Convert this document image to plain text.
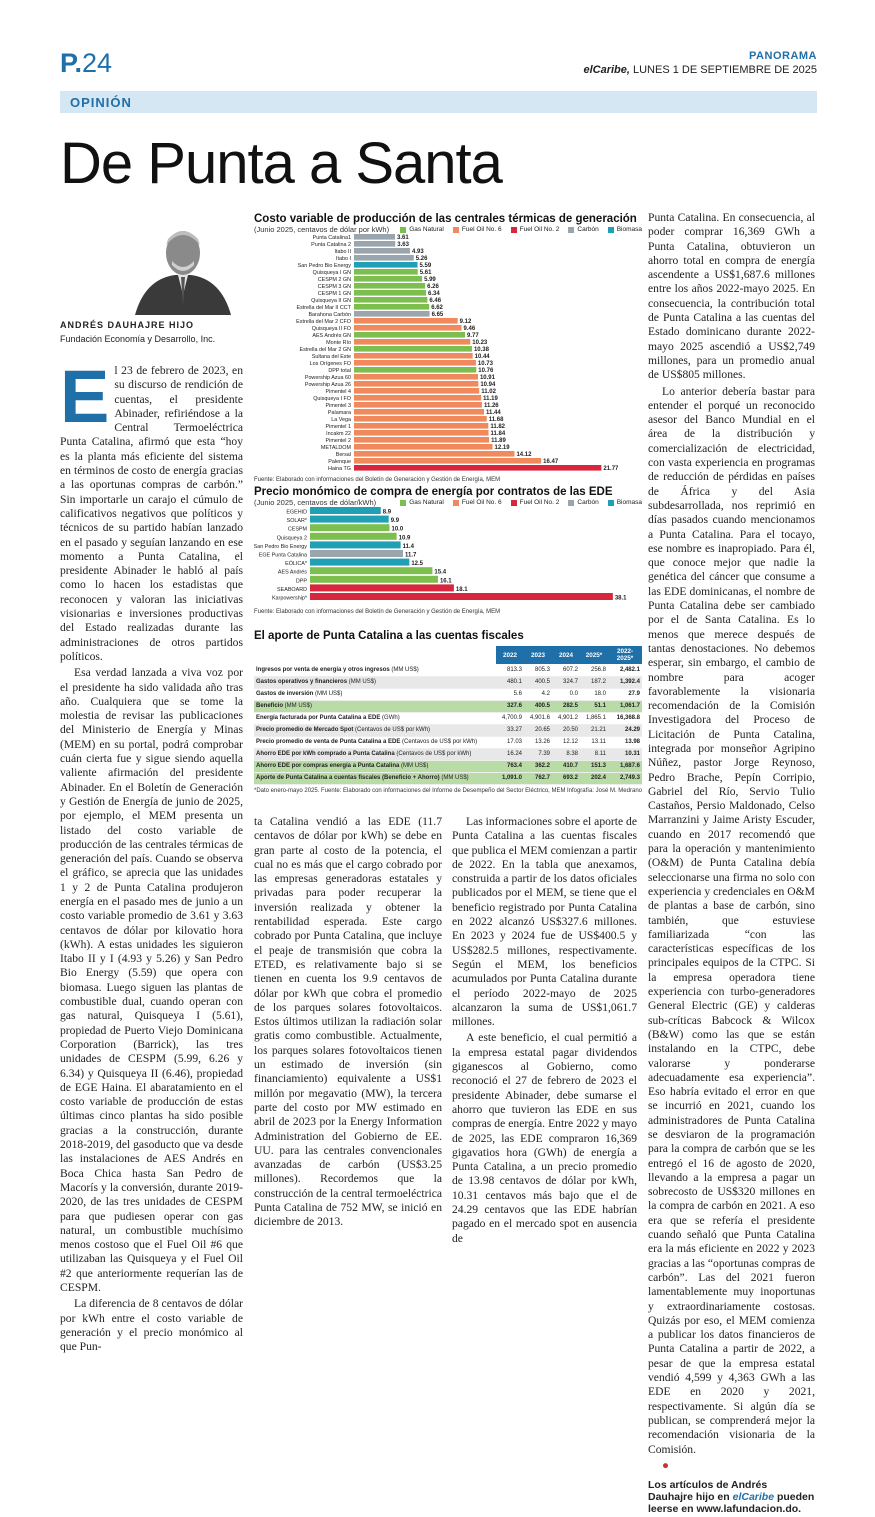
P.24	PANORAMA
elCaribe, LUNES 1 DE SEPTIEMBRE DE 2025
OPINIÓN
De Punta a Santa
ANDRÉS DAUHAJRE HIJO
Fundación Economía y Desarrollo, Inc.

El 23 de febrero de 2023, en su discurso de rendición de cuentas, el presidente Abinader, refiriéndose a la Central Termoeléctrica Punta Catalina, afirmó que esta “hoy es la planta más eficiente del sistema en términos de costo de energía gracias a las oportunas compras de carbón.” Sin importarle un carajo el cúmulo de calificativos negativos que políticos y técnicos de su partido habían lanzado en el pasado y seguían lanzando en ese momento a Punta Catalina, el presidente Abinader le habló al país como lo hacen los estadistas que reconocen y valoran las iniciativas visionarias e inversiones productivas del Estado realizadas durante las administraciones de otros partidos políticos.

Esa verdad lanzada a viva voz por el presidente ha sido validada año tras año. Cualquiera que se tome la molestia de revisar las publicaciones del Ministerio de Energía y Minas (MEM) en su portal, podrá comprobar cuán cierta fue y sigue siendo aquella valiente afirmación del presidente Abinader. En el Boletín de Generación y Gestión de Energía de junio de 2025, por ejemplo, el MEM presenta un listado del costo variable de producción de las centrales térmicas de generación del país. Cuando se observa el gráfico, se aprecia que las unidades 1 y 2 de Punta Catalina produjeron energía en el pasado mes de junio a un costo variable promedio de 3.61 y 3.63 centavos de dólar por kilovatio hora (kWh). A estas unidades les siguieron Itabo II y I (4.93 y 5.26) y San Pedro Bio Energy (5.59) que opera con biomasa. Luego siguen las plantas de combustible dual, cuando operan con gas natural, Quisqueya I (5.61), propiedad de Puerto Viejo Dominicana Corporation (Barrick), las tres unidades de CESPM (5.99, 6.26 y 6.34) y Quisqueya II (6.46), propiedad de EGE Haina. El abaratamiento en el costo variable de producción de estas últimas cinco plantas ha sido posible gracias a la construcción, durante 2018-2019, del gasoducto que va desde las instalaciones de AES Andrés en Boca Chica hasta San Pedro de Macorís y la conversión, durante 2019-2020, de las tres unidades de CESPM para que pudiesen operar con gas natural, un combustible muchísimo menos costoso que el Fuel Oil #6 que utilizaban las Quisqueya y el Fuel Oil #2 que anteriormente requerían las de CESPM.

La diferencia de 8 centavos de dólar por kWh entre el costo variable de generación y el precio monómico al que Pun-

ta Catalina vendió a las EDE (11.7 centavos de dólar por kWh) se debe en gran parte al costo de la potencia, el cual no es más que el cargo cobrado por las empresas generadoras estatales y privadas para poder recuperar la inversión realizada y obtener la rentabilidad esperada. Este cargo cobrado por Punta Catalina, que incluye el peaje de transmisión que cobra la ETED, es relativamente bajo si se tienen en cuenta los 9.9 centavos de dólar por kWh que cobra el promedio de los parques solares fotovoltaicos. Estos últimos utilizan la radiación solar gratis como combustible. Actualmente, los parques solares fotovoltaicos tienen un estimado de inversión (sin financiamiento) equivalente a US$1 millón por megavatio (MW), la tercera parte del costo por MW estimado en abril de 2023 por la Energy Information Administration del Gobierno de EE. UU. para las centrales convencionales avanzadas de carbón (US$3.25 millones). Recordemos que la construcción de la central termoeléctrica Punta Catalina de 752 MW, se inició en diciembre de 2013.

Las informaciones sobre el aporte de Punta Catalina a las cuentas fiscales que publica el MEM comienzan a partir de 2022. En la tabla que anexamos, construida a partir de los datos oficiales publicados por el MEM, se tiene que el beneficio registrado por Punta Catalina en 2022 alcanzó US$327.6 millones. En 2023 y 2024 fue de US$400.5 y US$282.5 millones, respectivamente. Según el MEM, los beneficios acumulados por Punta Catalina durante el período 2022-mayo de 2025 alcanzaron la suma de US$1,061.7 millones.

A este beneficio, el cual permitió a la empresa estatal pagar dividendos giganescos al Gobierno, como reconoció el 27 de febrero de 2023 el presidente Abinader, debe sumarse el ahorro que tuvieron las EDE en sus compras de energía. Entre 2022 y mayo de 2025, las EDE compraron 16,369 gigavatios hora (GWh) de energía a Punta Catalina, a un precio promedio de 13.98 centavos de dólar por kWh, 10.31 centavos más bajo que el de 24.29 centavos que las EDE habrían pagado en el mercado spot en ausencia de

Punta Catalina. En consecuencia, al poder comprar 16,369 GWh a Punta Catalina, obtuvieron un ahorro total en compra de energía ascendente a US$1,687.6 millones entre los años 2022-mayo 2025. En consecuencia, la contribución total de Punta Catalina a las cuentas del Estado dominicano durante 2022-mayo 2025 ascendió a US$2,749 millones, para un promedio anual de US$805 millones.

Lo anterior debería bastar para entender el porqué un reconocido asesor del Banco Mundial en el área de la distribución y comercialización de electricidad, con vasta experiencia en programas de reducción de pérdidas en países de África y del Asia subdesarrollada, nos reprimió en días pasados cuando mencionamos a Punta Catalina. Para el tocayo, ese nombre es inapropiado. Para él, que conoce mejor que nadie la genética del cáncer que consume a las EDE dominicanas, el nombre de Punta Catalina debe ser cambiado por el de Santa Catalina. Es lo menos que merece después de tantas denostaciones. No debemos esperar, sin embargo, el cambio de nombre para acoger favorablemente la visionaria recomendación de la Comisión Investigadora del Proceso de Licitación de Punta Catalina, integrada por monseñor Agripino Núñez, pastor Jorge Reynoso, Pedro Brache, Pepín Corripio, Gabriel del Río, Servio Tulio Castaños, Persio Maldonado, Celso Marranzini y Jaime Aristy Escuder, cuando en 2017 recomendó que para la operación y mantenimiento (O&M) de Punta Catalina debía seleccionarse una firma no solo con experiencia y credenciales en O&M de plantas a base de carbón, sino también, que estuviese familiarizada “con las características específicas de los principales equipos de la CTPC. Si la empresa operadora tiene experiencia con turbo-generadores General Electric (GE) y calderas sub-críticas Babcock & Wilcox (B&W) como las que se están instalando en la CTPC, debe valorarse y ponderarse adecuadamente esa experiencia”. Eso habría evitado el error en que se incurrió en 2021, cuando los administradores de Punta Catalina se desviaron de la programación para la compra de carbón que se les entregó el 16 de agosto de 2020, llevando a la empresa a pagar un sobrecosto de US$320 millones en la compra de carbón en 2021. A eso era que se refería el presidente cuando señaló que Punta Catalina era la más eficiente en 2022 y 2023 gracias a las “oportunas compras de carbón”. Las del 2021 fueron lamentablemente muy inoportunas y extraordinariamente costosas. Quizás por eso, el MEM comienza a publicar los datos financieros de Punta Catalina a partir de 2022, a pesar de que la empresa estatal vendió 4,599 y 4,363 GWh a las EDE en 2020 y 2021, respectivamente. Si algún día se publican, se comprenderá mejor la recomendación visionaria de la Comisión.

●

Los artículos de Andrés Dauhajre hijo en elCaribe pueden leerse en www.lafundacion.do.

Costo variable de producción de las centrales térmicas de generación
(Junio 2025, centavos de dólar por kWh)	Gas Natural	Fuel Oil No. 6	Fuel Oil No. 2	Carbón	Biomasa
Punta Catalina1	3.61
Punta Catalina 2	3.63
Itabo II	4.93
Itabo I	5.26
San Pedro Bio Energy	5.59
Quisqueya I GN	5.61
CESPM 2 GN	5.99
CESPM 3 GN	6.26
CESPM 1 GN	6.34
Quisqueya II GN	6.46
Estrella del Mar II CCT	6.62
Barahona Carbón	6.65
Estrella del Mar 2 CFO	9.12
Quisqueya II FO	9.46
AES Andrés GN	9.77
Monte Río	10.23
Estrella del Mar 2 GN	10.38
Sultana del Este	10.44
Los Orígenes FO	10.73
DPP total	10.76
Powership Azua 60	10.91
Powership Azua 26	10.94
Pimentel 4	11.02
Quisqueya I FO	11.19
Pimentel 3	11.26
Palamara	11.44
La Vega	11.68
Pimentel 1	11.82
Incakm 22	11.84
Pimentel 2	11.89
METALDOM	12.19
Bersal	14.12
Palenque	16.47
Haina TG	21.77
Fuente: Elaborado con informaciones del Boletín de Generación y Gestión de Energía, MEM
Precio monómico de compra de energía por contratos de las EDE
(Junio 2025, centavos de dólar/kWh)	Gas Natural	Fuel Oil No. 6	Fuel Oil No. 2	Carbón	Biomasa
EGEHID	8.9
SOLAR*	9.9
CESPM	10.0
Quisqueya 2	10.9
San Pedro Bio Energy	11.4
EGE Punta Catalina	11.7
EÓLICA*	12.5
AES Andrés	15.4
DPP	16.1
SEABOARD	18.1
Karpowership*	38.1
Fuente: Elaborado con informaciones del Boletín de Generación y Gestión de Energía, MEM
El aporte de Punta Catalina a las cuentas fiscales
	2022	2023	2024	2025*	2022-2025*
Ingresos por venta de energía y otros ingresos (MM US$)	813.3	805.3	607.2	256.8	2,482.1
Gastos operativos y financieros (MM US$)	480.1	400.5	324.7	187.2	1,392.4
Gastos de inversión (MM US$)	5.6	4.2	0.0	18.0	27.9
Beneficio (MM US$)	327.6	400.5	282.5	51.1	1,061.7
Energía facturada por Punta Catalina a EDE (GWh)	4,700.9	4,901.6	4,901.2	1,865.1	16,368.8
Precio promedio de Mercado Spot (Centavos de US$ por kWh)	33.27	20.65	20.50	21.21	24.29
Precio promedio de venta de Punta Catalina a EDE (Centavos de US$ por kWh)	17.03	13.26	12.12	13.11	13.98
Ahorro EDE por kWh comprado a Punta Catalina (Centavos de US$ por kWh)	16.24	7.39	8.38	8.11	10.31
Ahorro EDE por compras energía a Punta Catalina (MM US$)	763.4	362.2	410.7	151.3	1,687.6
Aporte de Punta Catalina a cuentas fiscales (Beneficio + Ahorro) (MM US$)	1,091.0	762.7	693.2	202.4	2,749.3
*Dato enero-mayo 2025. Fuente: Elaborado con informaciones del Informe de Desempeño del Sector Eléctrico, MEM Infografía: José M. Medrano
